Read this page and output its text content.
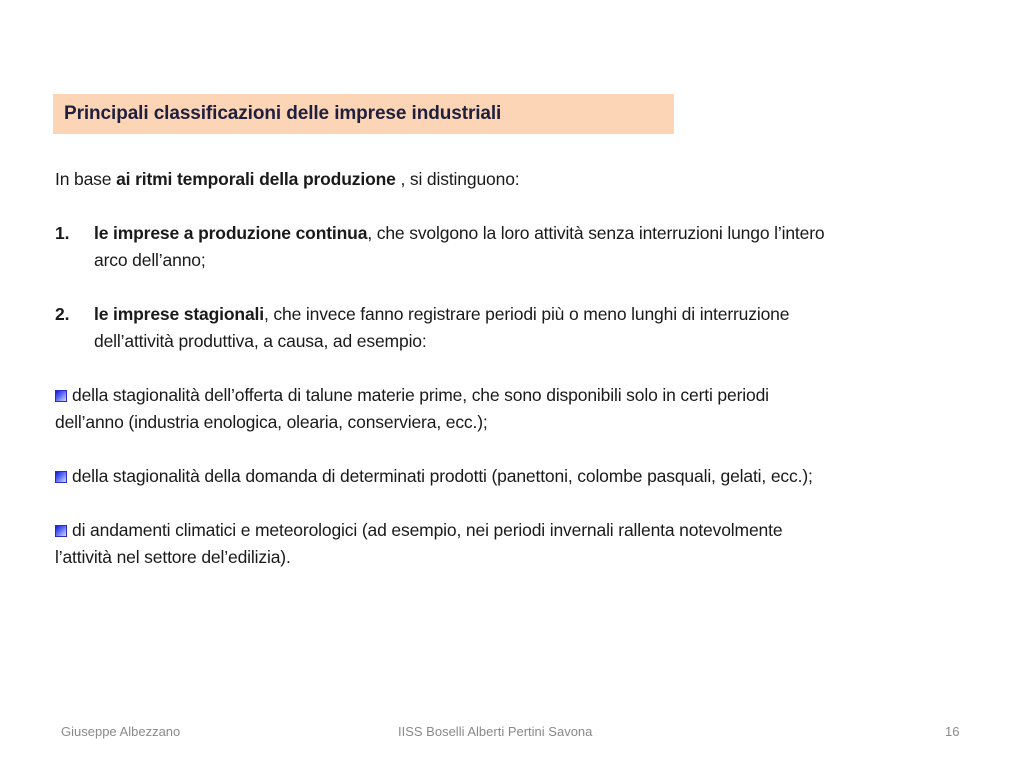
Principali classificazioni delle imprese industriali

In base ai ritmi temporali della produzione , si distinguono:

1.	le imprese a produzione continua, che svolgono la loro attività senza interruzioni lungo l’intero

arco dell’anno;

2.	le imprese stagionali, che invece fanno registrare periodi più o meno lunghi di interruzione

dell’attività produttiva, a causa, ad esempio:

della stagionalità dell’offerta di talune materie prime, che sono disponibili solo in certi periodi

dell’anno (industria enologica, olearia, conserviera, ecc.);

della stagionalità della domanda di determinati prodotti (panettoni, colombe pasquali, gelati, ecc.);

di andamenti climatici e meteorologici (ad esempio, nei periodi invernali rallenta notevolmente

l’attività nel settore del’edilizia).

Giuseppe Albezzano	IISS Boselli Alberti Pertini Savona	16
